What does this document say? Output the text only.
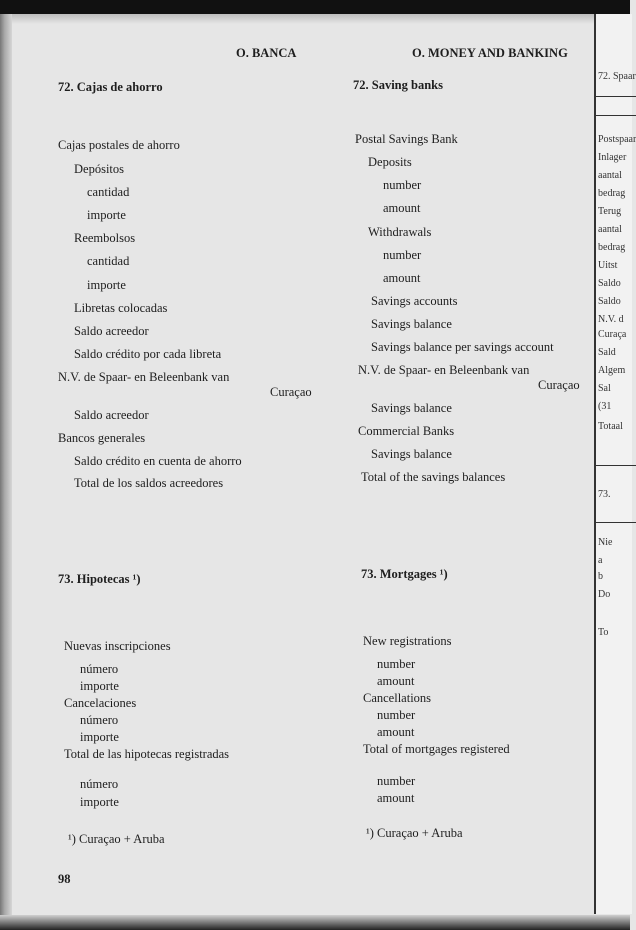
O. BANCA	O. MONEY AND BANKING
72. Cajas de ahorro
Cajas postales de ahorro
Depósitos
cantidad
importe
Reembolsos
cantidad
importe
Libretas colocadas
Saldo acreedor
Saldo crédito por cada libreta
N.V. de Spaar- en Beleenbank van
Curaçao
Saldo acreedor
Bancos generales
Saldo crédito en cuenta de ahorro
Total de los saldos acreedores
73. Hipotecas ¹)
Nuevas inscripciones
número
importe
Cancelaciones
número
importe
Total de las hipotecas registradas
número
importe
¹) Curaçao + Aruba
98
72. Saving banks
Postal Savings Bank
Deposits
number
amount
Withdrawals
number
amount
Savings accounts
Savings balance
Savings balance per savings account
N.V. de Spaar- en Beleenbank van
Curaçao
Savings balance
Commercial Banks
Savings balance
Total of the savings balances
73. Mortgages ¹)
New registrations
number
amount
Cancellations
number
amount
Total of mortgages registered
number
amount
¹) Curaçao + Aruba
72. Spaar
Postspaar
Inlager
aantal
bedrag
Terug
aantal
bedrag
Uitst
Saldo
Saldo
N.V. d
Curaça
Sald
Algem
Sal
(31
Totaal
73.
Nie
a
b
Do
To
